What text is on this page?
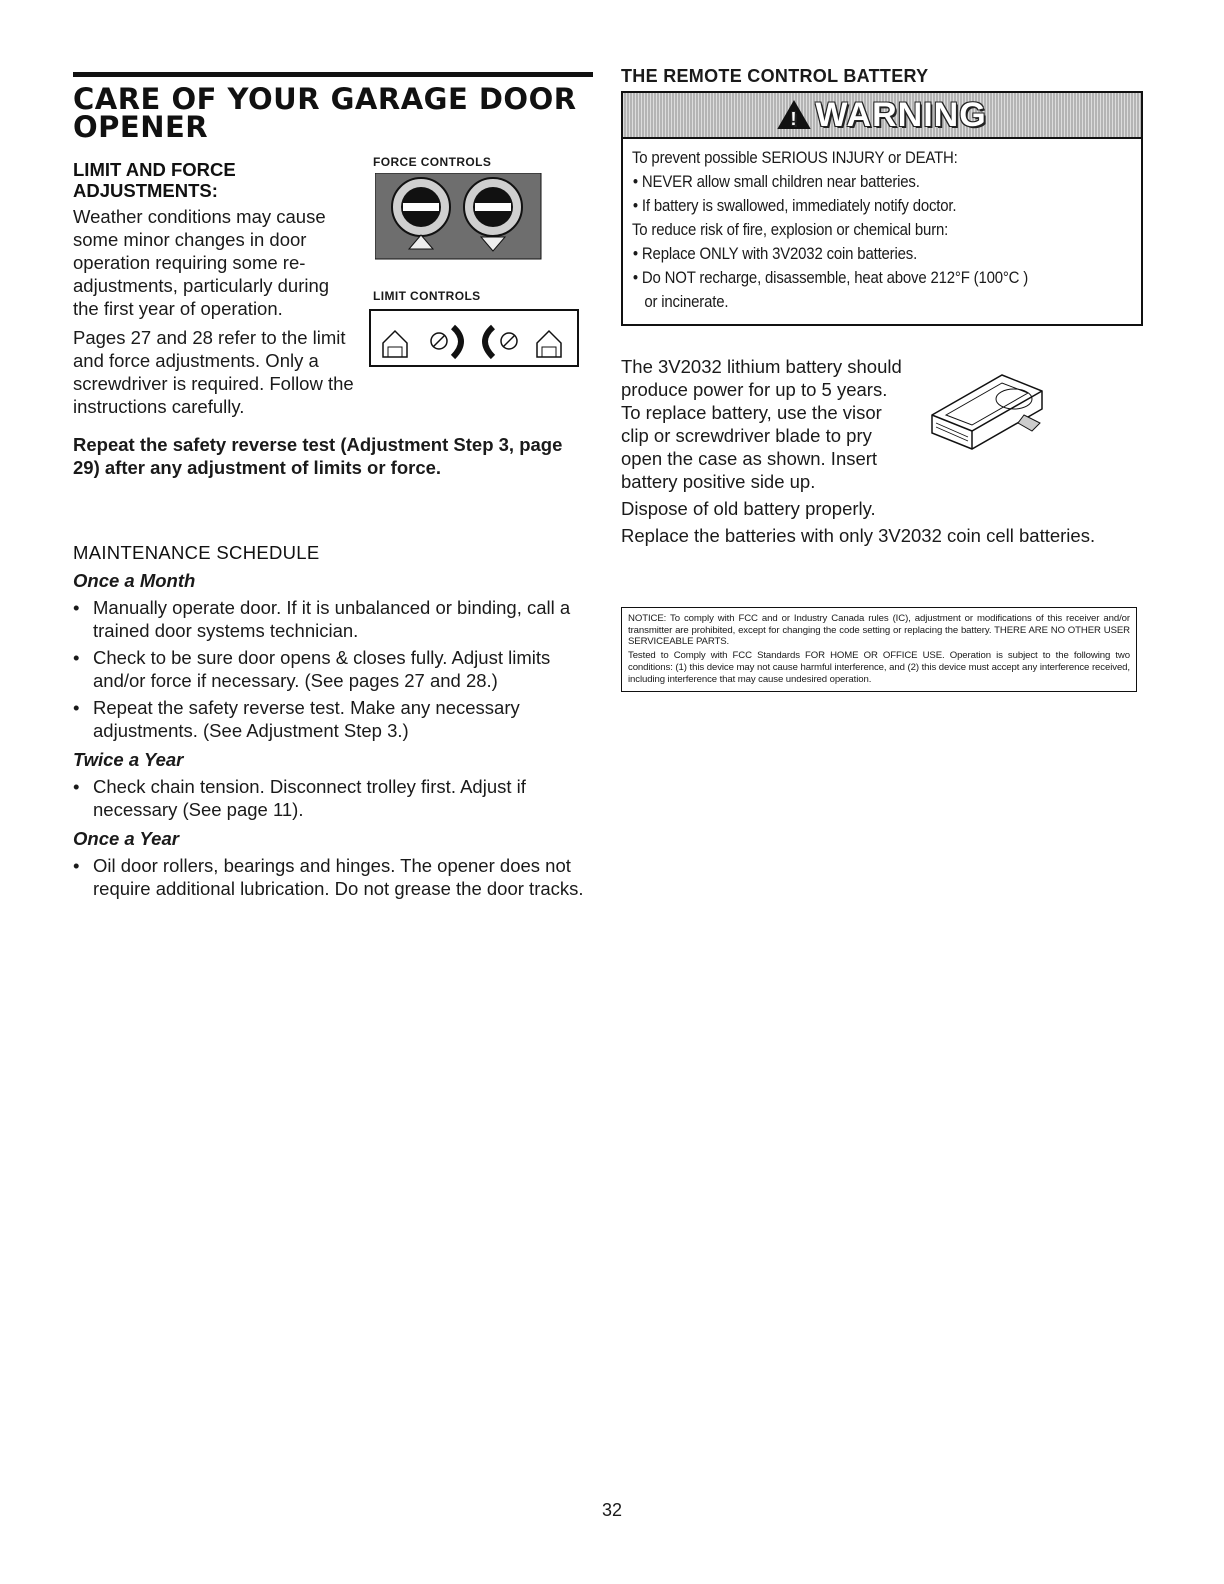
CARE OF YOUR GARAGE DOOR OPENER
LIMIT AND FORCE ADJUSTMENTS:

Weather conditions may cause some minor changes in door operation requiring some re-adjustments, particularly during the first year of operation.

Pages 27 and 28 refer to the limit and force adjustments. Only a screwdriver is required. Follow the instructions carefully.

FORCE CONTROLS
LIMIT CONTROLS

Repeat the safety reverse test (Adjustment Step 3, page 29) after any adjustment of limits or force.

MAINTENANCE SCHEDULE
Once a Month
• Manually operate door. If it is unbalanced or binding, call a trained door systems technician.
• Check to be sure door opens & closes fully. Adjust limits and/or force if necessary. (See pages 27 and 28.)
• Repeat the safety reverse test. Make any necessary adjustments. (See Adjustment Step 3.)
Twice a Year
• Check chain tension. Disconnect trolley first. Adjust if necessary (See page 11).
Once a Year
• Oil door rollers, bearings and hinges. The opener does not require additional lubrication. Do not grease the door tracks.
THE REMOTE CONTROL BATTERY
! WARNING
To prevent possible SERIOUS INJURY or DEATH:
• NEVER allow small children near batteries.
• If battery is swallowed, immediately notify doctor.
To reduce risk of fire, explosion or chemical burn:
• Replace ONLY with 3V2032 coin batteries.
• Do NOT recharge, disassemble, heat above 212°F (100°C )
or incinerate.

The 3V2032 lithium battery should produce power for up to 5 years. To replace battery, use the visor clip or screwdriver blade to pry open the case as shown. Insert battery positive side up.

Dispose of old battery properly.

Replace the batteries with only 3V2032 coin cell batteries.

NOTICE: To comply with FCC and or Industry Canada rules (IC), adjustment or modifications of this receiver and/or transmitter are prohibited, except for changing the code setting or replacing the battery. THERE ARE NO OTHER USER SERVICEABLE PARTS.

Tested to Comply with FCC Standards FOR HOME OR OFFICE USE. Operation is subject to the following two conditions: (1) this device may not cause harmful interference, and (2) this device must accept any interference received, including interference that may cause undesired operation.

32
